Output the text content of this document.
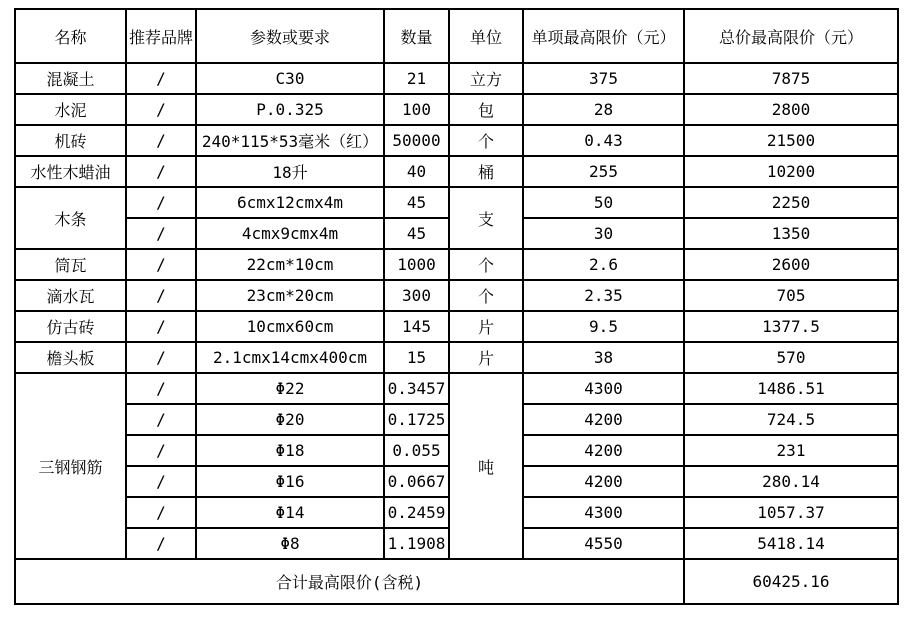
名称	推荐品牌	参数或要求	数量	单位	单项最高限价（元）	总价最高限价（元）
混凝土	/	C30	21	立方	375	7875
水泥	/	P.0.325	100	包	28	2800
机砖	/	240*115*53毫米（红）	50000	个	0.43	21500
水性木蜡油	/	18升	40	桶	255	10200
木条	/	6cmx12cmx4m	45	支	50	2250
	/	4cmx9cmx4m	45		30	1350
筒瓦	/	22cm*10cm	1000	个	2.6	2600
滴水瓦	/	23cm*20cm	300	个	2.35	705
仿古砖	/	10cmx60cm	145	片	9.5	1377.5
檐头板	/	2.1cmx14cmx400cm	15	片	38	570
三钢钢筋	/	Φ22	0.3457	吨	4300	1486.51
	/	Φ20	0.1725		4200	724.5
	/	Φ18	0.055		4200	231
	/	Φ16	0.0667		4200	280.14
	/	Φ14	0.2459		4300	1057.37
	/	Φ8	1.1908		4550	5418.14
合计最高限价(含税)						60425.16
